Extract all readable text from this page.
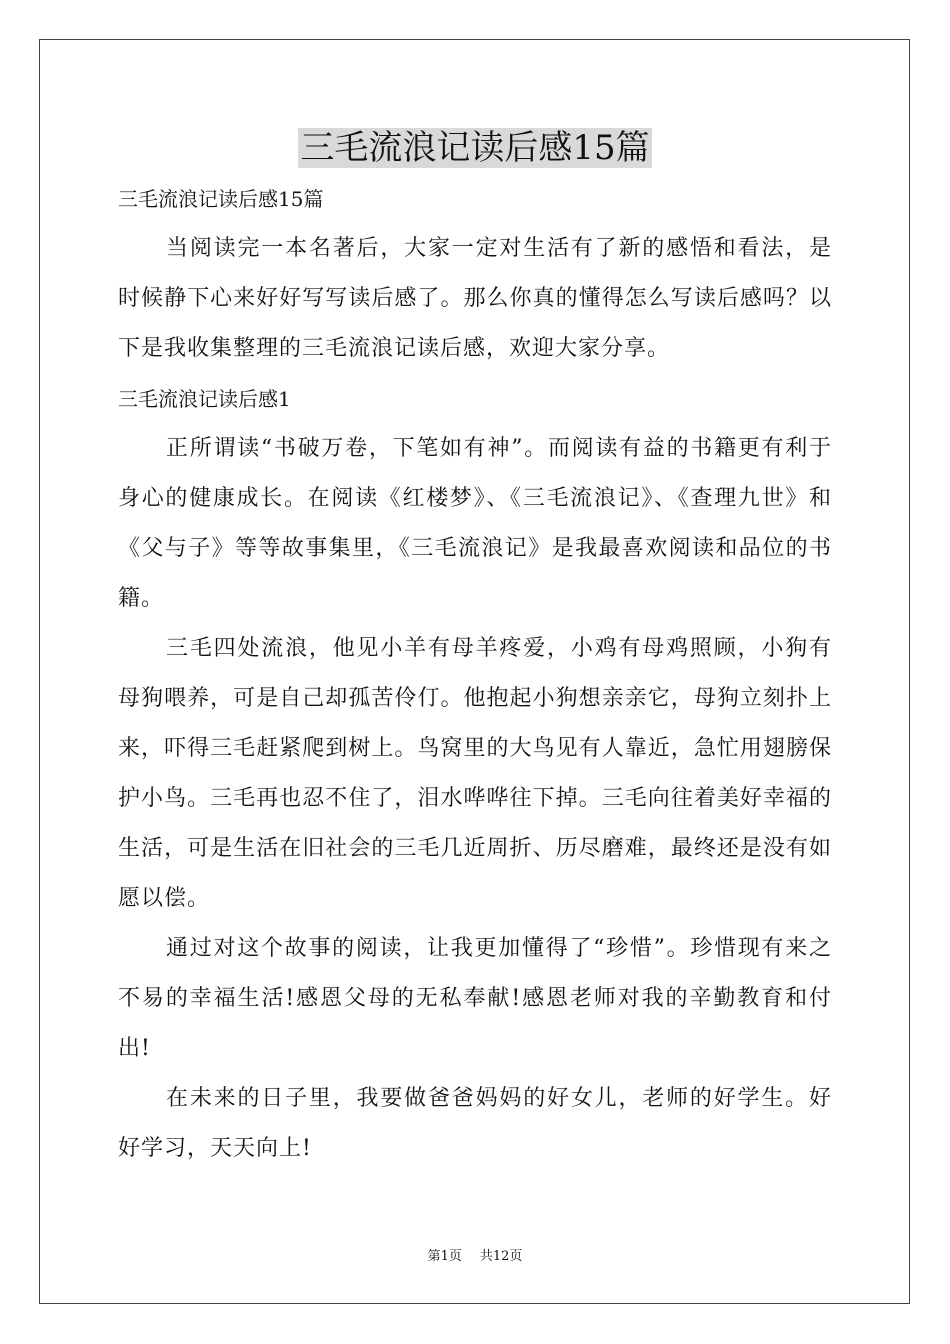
三毛流浪记读后感15篇

三毛流浪记读后感15篇

当阅读完一本名著后，大家一定对生活有了新的感悟和看法，是时候静下心来好好写写读后感了。那么你真的懂得怎么写读后感吗？以下是我收集整理的三毛流浪记读后感，欢迎大家分享。

三毛流浪记读后感1

正所谓读“书破万卷，下笔如有神”。而阅读有益的书籍更有利于身心的健康成长。在阅读《红楼梦》、《三毛流浪记》、《查理九世》和《父与子》等等故事集里，《三毛流浪记》是我最喜欢阅读和品位的书籍。

三毛四处流浪，他见小羊有母羊疼爱，小鸡有母鸡照顾，小狗有母狗喂养，可是自己却孤苦伶仃。他抱起小狗想亲亲它，母狗立刻扑上来，吓得三毛赶紧爬到树上。鸟窝里的大鸟见有人靠近，急忙用翅膀保护小鸟。三毛再也忍不住了，泪水哗哗往下掉。三毛向往着美好幸福的生活，可是生活在旧社会的三毛几近周折、历尽磨难，最终还是没有如愿以偿。

通过对这个故事的阅读，让我更加懂得了“珍惜”。珍惜现有来之不易的幸福生活!感恩父母的无私奉献!感恩老师对我的辛勤教育和付出!

在未来的日子里，我要做爸爸妈妈的好女儿，老师的好学生。好好学习，天天向上!

第1页 共12页
